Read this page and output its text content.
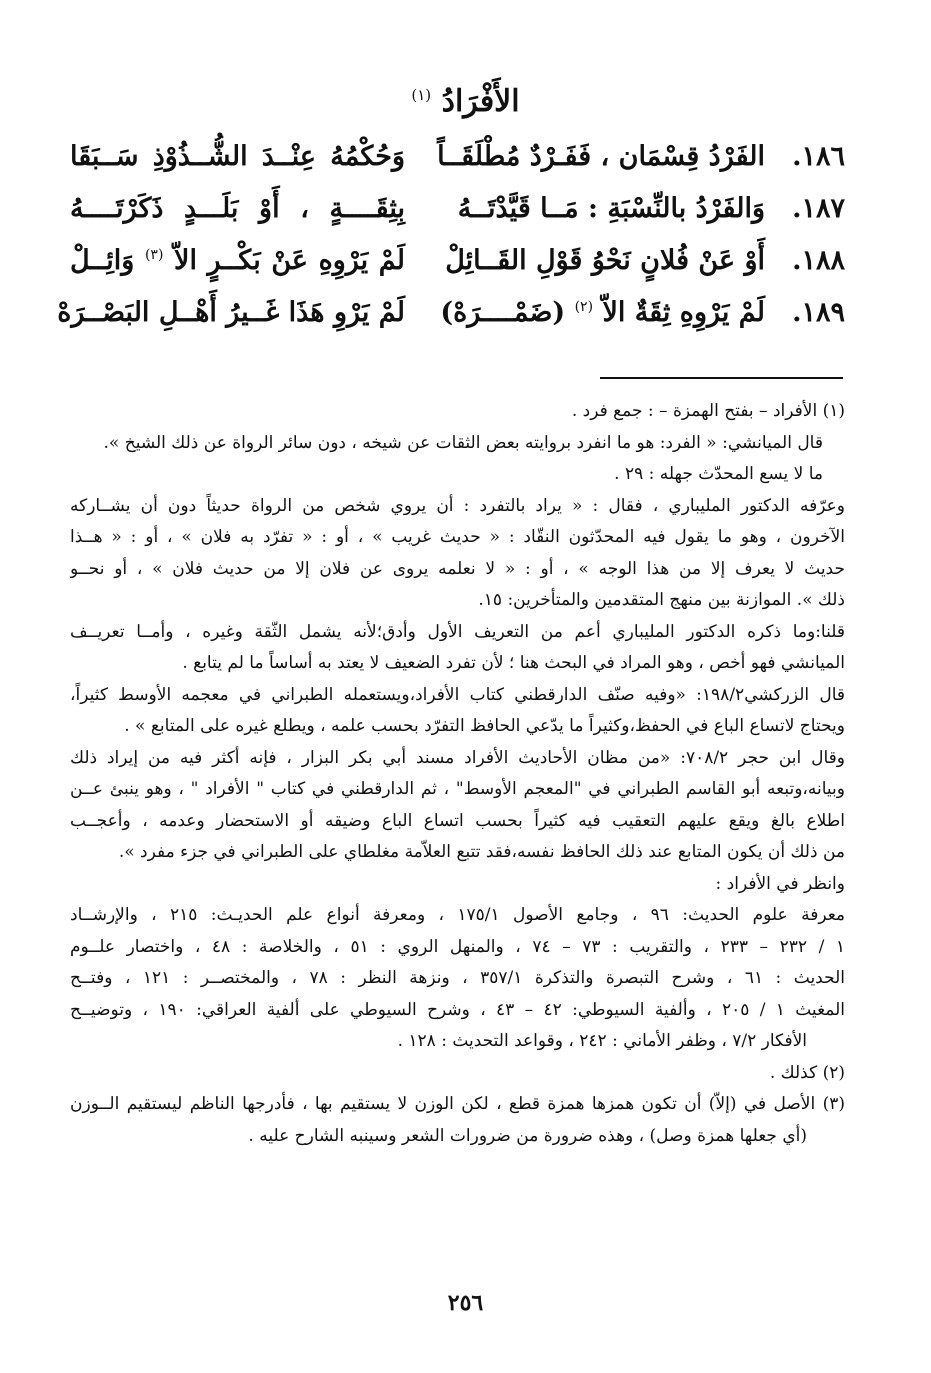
الأَفْرَادُ $^{(١)}$
١٨٦.
الفَرْدُ قِسْمَان ، فَفَـرْدٌ مُطْلَقَــاً
وَحُكْمُهُ عِنْــدَ الشُّــذُوْذِ سَــبَقَا
١٨٧.
وَالفَرْدُ بالنِّسْبَةِ : مَــا قَيَّدْتَــهُ
بِثِقَــــةٍ ، أَوْ بَلَـــدٍ ذَكَرْتَــــهُ
١٨٨.
أَوْ عَنْ فُلانٍ نَحْوُ قَوْلِ القَــائِلْ
لَمْ يَرْوِهِ عَنْ بَكْــرٍ الاّ $^{(٣)}$ وَائِــلْ
١٨٩.
لَمْ يَرْوِهِ ثِقَةٌ الاّ $^{(٢)}$ (ضَمْــــرَهْ)
لَمْ يَرْوِ هَذَا غَــيرُ أَهْــلِ البَصْــرَهْ
(١) الأفراد – بفتح الهمزة – : جمع فرد .
قال الميانشي: « الفرد: هو ما انفرد بروايته بعض الثقات عن شيخه ، دون سائر الرواة عن ذلك الشيخ ».
ما لا يسع المحدّث جهله : ٢٩ .
وعرّفه الدكتور المليباري ، فقال : « يراد بالتفرد : أن يروي شخص من الرواة حديثاً دون أن يشــاركه
الآخرون ، وهو ما يقول فيه المحدّثون النقّاد : « حديث غريب » ، أو : « تفرّد به فلان » ، أو : « هــذا
حديث لا يعرف إلا من هذا الوجه » ، أو : « لا نعلمه يروى عن فلان إلا من حديث فلان » ، أو نحــو
ذلك ». الموازنة بين منهج المتقدمين والمتأخرين: ١٥.
قلنا:وما ذكره الدكتور المليباري أعم من التعريف الأول وأدق؛لأنه يشمل الثّقة وغيره ، وأمــا تعريــف
الميانشي فهو أخص ، وهو المراد في البحث هنا ؛ لأن تفرد الضعيف لا يعتد به أساساً ما لم يتابع .
قال الزركشي١٩٨/٢: «وفيه صنّف الدارقطني كتاب الأفراد،ويستعمله الطبراني في معجمه الأوسط كثيراً،
ويحتاج لاتساع الباع في الحفظ،وكثيراً ما يدّعي الحافظ التفرّد بحسب علمه ، ويطلع غيره على المتابع » .
وقال ابن حجر ٧٠٨/٢: «من مظان الأحاديث الأفراد مسند أبي بكر البزار ، فإنه أكثر فيه من إيراد ذلك
وبيانه،وتبعه أبو القاسم الطبراني في "المعجم الأوسط" ، ثم الدارقطني في كتاب " الأفراد " ، وهو ينبئ عــن
اطلاع بالغ ويقع عليهم التعقيب فيه كثيراً بحسب اتساع الباع وضيقه أو الاستحضار وعدمه ، وأعجــب
من ذلك أن يكون المتابع عند ذلك الحافظ نفسه،فقد تتبع العلاّمة مغلطاي على الطبراني في جزء مفرد ».
وانظر في الأفراد :
معرفة علوم الحديث: ٩٦ ، وجامع الأصول ١٧٥/١ ، ومعرفة أنواع علم الحديـث: ٢١٥ ، والإرشــاد
١ / ٢٣٢ – ٢٣٣ ، والتقريب : ٧٣ – ٧٤ ، والمنهل الروي : ٥١ ، والخلاصة : ٤٨ ، واختصار علــوم
الحديث : ٦١ ، وشرح التبصرة والتذكرة ٣٥٧/١ ، ونزهة النظر : ٧٨ ، والمختصــر : ١٢١ ، وفتــح
المغيث ١ / ٢٠٥ ، وألفية السيوطي: ٤٢ – ٤٣ ، وشرح السيوطي على ألفية العراقي: ١٩٠ ، وتوضيــح
الأفكار ٧/٢ ، وظفر الأماني : ٢٤٢ ، وقواعد التحديث : ١٢٨ .
(٢) كذلك .
(٣) الأصل في (إلاّ) أن تكون همزها همزة قطع ، لكن الوزن لا يستقيم بها ، فأدرجها الناظم ليستقيم الــوزن
(أي جعلها همزة وصل) ، وهذه ضرورة من ضرورات الشعر وسينبه الشارح عليه .
٢٥٦
